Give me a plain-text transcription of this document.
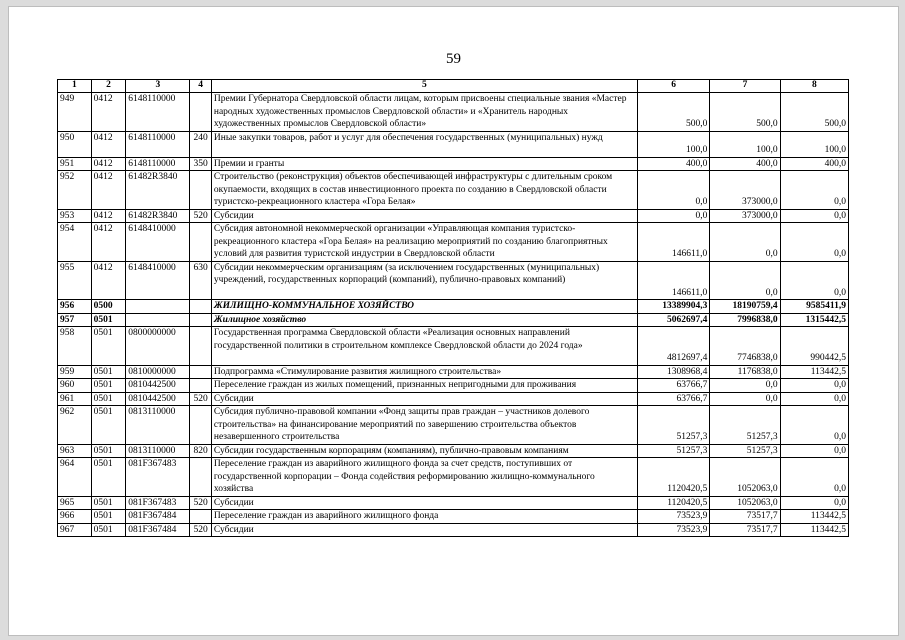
59
1	2	3	4	5	6	7	8
949	0412	6148110000		Премии Губернатора Свердловской области лицам, которым присвоены специальные звания «Мастер народных художественных промыслов Свердловской области» и «Хранитель народных художественных промыслов Свердловской области»	500,0	500,0	500,0
950	0412	6148110000	240	Иные закупки товаров, работ и услуг для обеспечения государственных (муниципальных) нужд	100,0	100,0	100,0
951	0412	6148110000	350	Премии и гранты	400,0	400,0	400,0
952	0412	61482R3840		Строительство (реконструкция) объектов обеспечивающей инфраструктуры с длительным сроком окупаемости, входящих в состав инвестиционного проекта по созданию в Свердловской области туристско-рекреационного кластера «Гора Белая»	0,0	373000,0	0,0
953	0412	61482R3840	520	Субсидии	0,0	373000,0	0,0
954	0412	6148410000		Субсидия автономной некоммерческой организации «Управляющая компания туристско-рекреационного кластера «Гора Белая» на реализацию мероприятий по созданию благоприятных условий для развития туристской индустрии в Свердловской области	146611,0	0,0	0,0
955	0412	6148410000	630	Субсидии некоммерческим организациям (за исключением государственных (муниципальных) учреждений, государственных корпораций (компаний), публично-правовых компаний)	146611,0	0,0	0,0
956	0500			ЖИЛИЩНО-КОММУНАЛЬНОЕ ХОЗЯЙСТВО	13389904,3	18190759,4	9585411,9
957	0501			Жилищное хозяйство	5062697,4	7996838,0	1315442,5
958	0501	0800000000		Государственная программа Свердловской области «Реализация основных направлений государственной политики в строительном комплексе Свердловской области до 2024 года»	4812697,4	7746838,0	990442,5
959	0501	0810000000		Подпрограмма «Стимулирование развития жилищного строительства»	1308968,4	1176838,0	113442,5
960	0501	0810442500		Переселение граждан из жилых помещений, признанных непригодными для проживания	63766,7	0,0	0,0
961	0501	0810442500	520	Субсидии	63766,7	0,0	0,0
962	0501	0813110000		Субсидия публично-правовой компании «Фонд защиты прав граждан – участников долевого строительства» на финансирование мероприятий по завершению строительства объектов незавершенного строительства	51257,3	51257,3	0,0
963	0501	0813110000	820	Субсидии государственным корпорациям (компаниям), публично-правовым компаниям	51257,3	51257,3	0,0
964	0501	081F367483		Переселение граждан из аварийного жилищного фонда за счет средств, поступивших от государственной корпорации – Фонда содействия реформированию жилищно-коммунального хозяйства	1120420,5	1052063,0	0,0
965	0501	081F367483	520	Субсидии	1120420,5	1052063,0	0,0
966	0501	081F367484		Переселение граждан из аварийного жилищного фонда	73523,9	73517,7	113442,5
967	0501	081F367484	520	Субсидии	73523,9	73517,7	113442,5
